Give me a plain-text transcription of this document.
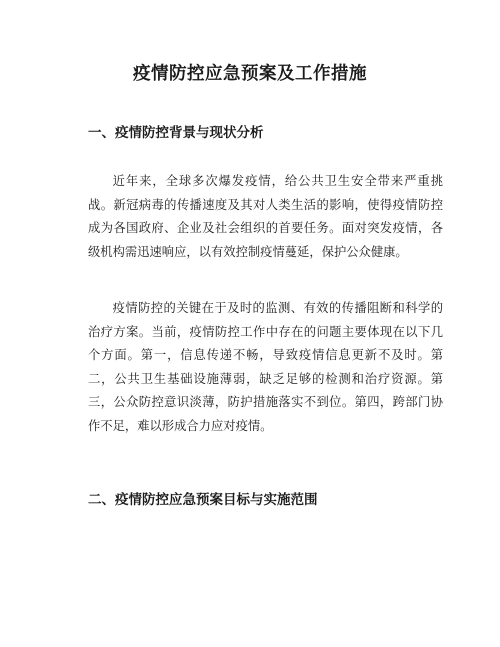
疫情防控应急预案及工作措施
一、疫情防控背景与现状分析

近年来，全球多次爆发疫情，给公共卫生安全带来严重挑战。新冠病毒的传播速度及其对人类生活的影响，使得疫情防控成为各国政府、企业及社会组织的首要任务。面对突发疫情，各级机构需迅速响应，以有效控制疫情蔓延，保护公众健康。

疫情防控的关键在于及时的监测、有效的传播阻断和科学的治疗方案。当前，疫情防控工作中存在的问题主要体现在以下几个方面。第一，信息传递不畅，导致疫情信息更新不及时。第二，公共卫生基础设施薄弱，缺乏足够的检测和治疗资源。第三，公众防控意识淡薄，防护措施落实不到位。第四，跨部门协作不足，难以形成合力应对疫情。

二、疫情防控应急预案目标与实施范围
